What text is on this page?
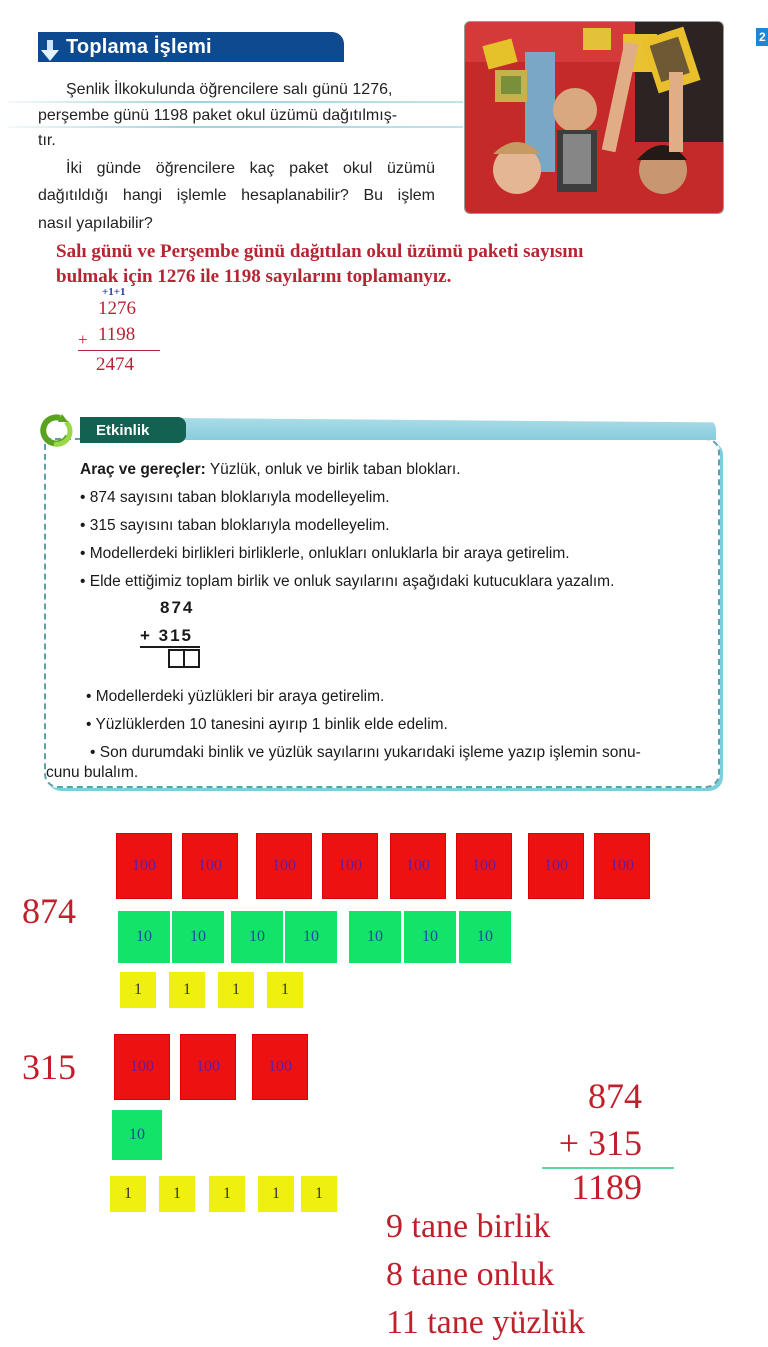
Toplama İşlemi	2

Şenlik İlkokulunda öğrencilere salı günü 1276,

perşembe günü 1198 paket okul üzümü dağıtılmış-

tır.

İki günde öğrencilere kaç paket okul üzümü

dağıtıldığı hangi işlemle hesaplanabilir? Bu işlem

nasıl yapılabilir?

Salı günü ve Perşembe günü dağıtılan okul üzümü paketi sayısını
bulmak için 1276 ile 1198 sayılarını toplamanyız.
+1+1
1276
+ 1198
2474
Etkinlik
Araç ve gereçler: Yüzlük, onluk ve birlik taban blokları.
• 874 sayısını taban bloklarıyla modelleyelim.
• 315 sayısını taban bloklarıyla modelleyelim.
• Modellerdeki birlikleri birliklerle, onlukları onluklarla bir araya getirelim.
• Elde ettiğimiz toplam birlik ve onluk sayılarını aşağıdaki kutucuklara yazalım.
874
+ 315
• Modellerdeki yüzlükleri bir araya getirelim.
• Yüzlüklerden 10 tanesini ayırıp 1 binlik elde edelim.
• Son durumdaki binlik ve yüzlük sayılarını yukarıdaki işleme yazıp işlemin sonu-
cunu bulalım.
874
100	100	100	100	100	100	100	100
10	10	10	10	10	10	10
1	1	1	1
315	100	100	100
10
1	1	1	1	1
874
+ 315
1189
9 tane birlik
8 tane onluk
11 tane yüzlük
